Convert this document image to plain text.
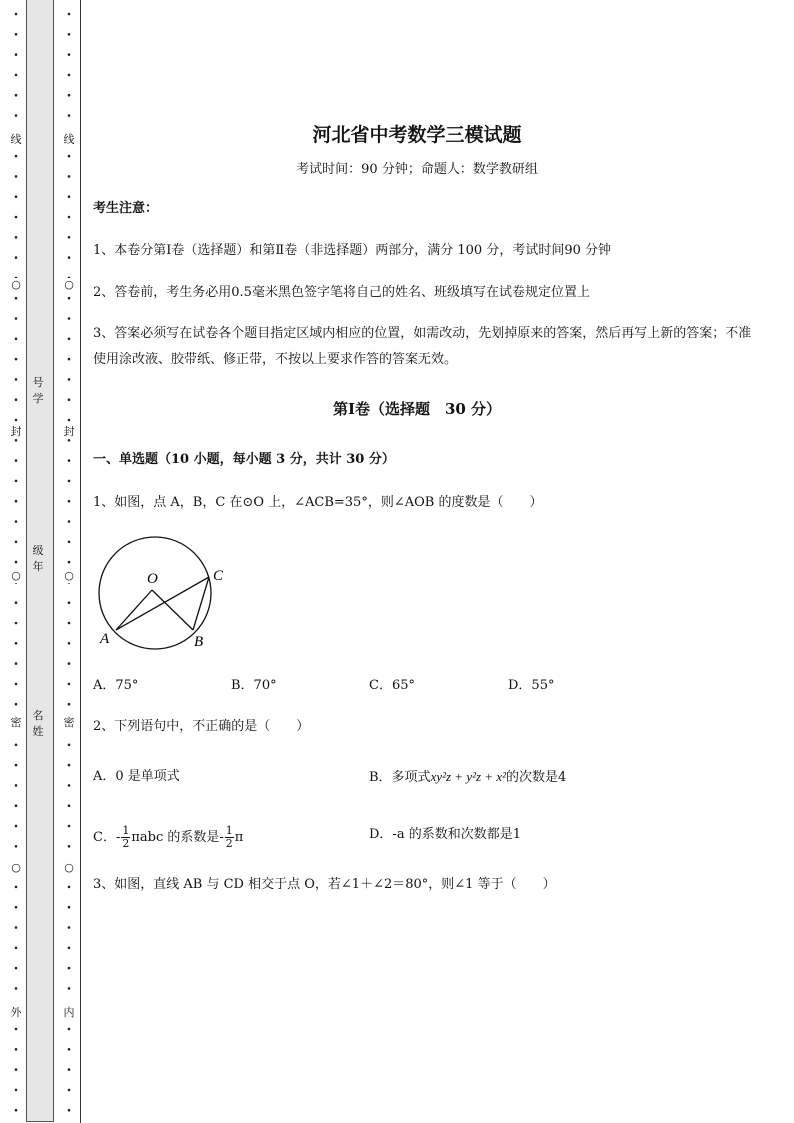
线
○
封
○
密
○
外
号学
级年
名姓
线
○
封
○
密
○
内
河北省中考数学三模试题
考试时间：90 分钟；命题人：数学教研组
考生注意：
1、本卷分第Ⅰ卷（选择题）和第Ⅱ卷（非选择题）两部分，满分 100 分，考试时间90 分钟
2、答卷前，考生务必用0.5毫米黑色签字笔将自己的姓名、班级填写在试卷规定位置上
3、答案必须写在试卷各个题目指定区域内相应的位置，如需改动，先划掉原来的答案，然后再写上新的答案；不准使用涂改液、胶带纸、修正带，不按以上要求作答的答案无效。
第Ⅰ卷（选择题　30 分）
一、单选题（10 小题，每小题 3 分，共计 30 分）
1、如图，点 A，B，C 在⊙O 上，∠ACB=35°，则∠AOB 的度数是（　　）
O
A	B
C
A．75°	B．70°	C．65°	D．55°
2、下列语句中，不正确的是（　　）
A．0 是单项式	B．多项式xy²z + y²z + x²的次数是4
C．- $\frac{1}{2}$ πabc 的系数是- $\frac{1}{2}$ π	D．-a 的系数和次数都是1
3、如图，直线 AB 与 CD 相交于点 O，若∠1＋∠2＝80°，则∠1 等于（　　）
